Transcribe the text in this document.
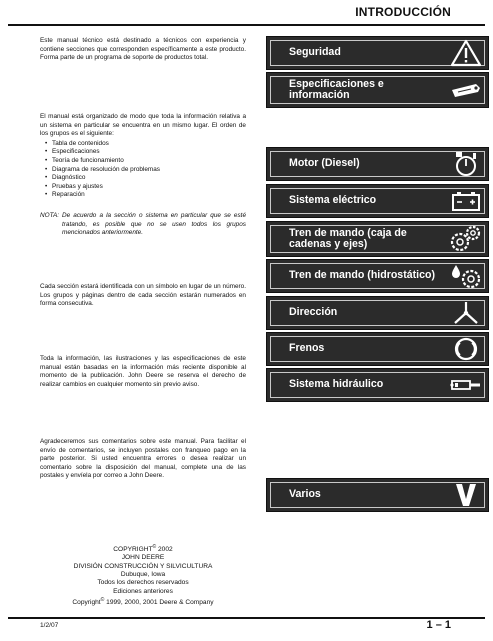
INTRODUCCIÓN

Este manual técnico está destinado a técnicos con experiencia y contiene secciones que corresponden específicamente a este producto. Forma parte de un programa de soporte de productos total.

El manual está organizado de modo que toda la información relativa a un sistema en particular se encuentra en un mismo lugar. El orden de los grupos es el siguiente:

• Tabla de contenidos
• Especificaciones
• Teoría de funcionamiento
• Diagrama de resolución de problemas
• Diagnóstico
• Pruebas y ajustes
• Reparación
NOTA: De acuerdo a la sección o sistema en particular que se esté tratando, es posible que no se usen todos los grupos mencionados anteriormente.

Cada sección estará identificada con un símbolo en lugar de un número. Los grupos y páginas dentro de cada sección estarán numerados en forma consecutiva.

Toda la información, las ilustraciones y las especificaciones de este manual están basadas en la información más reciente disponible al momento de la publicación. John Deere se reserva el derecho de realizar cambios en cualquier momento sin previo aviso.

Agradeceremos sus comentarios sobre este manual. Para facilitar el envío de comentarios, se incluyen postales con franqueo pago en la parte posterior. Si usted encuentra errores o desea realizar un comentario sobre la disposición del manual, complete una de las postales y envíela por correo a John Deere.

COPYRIGHT© 2002
JOHN DEERE
DIVISIÓN CONSTRUCCIÓN Y SILVICULTURA
Dubuque, Iowa
Todos los derechos reservados
Ediciones anteriores
Copyright© 1999, 2000, 2001 Deere & Company
Seguridad
Especificaciones e información
Motor (Diesel)
Sistema eléctrico
Tren de mando (caja de cadenas y ejes)
Tren de mando (hidrostático)
Dirección
Frenos
Sistema hidráulico
Varios
1/2/07	1 – 1
